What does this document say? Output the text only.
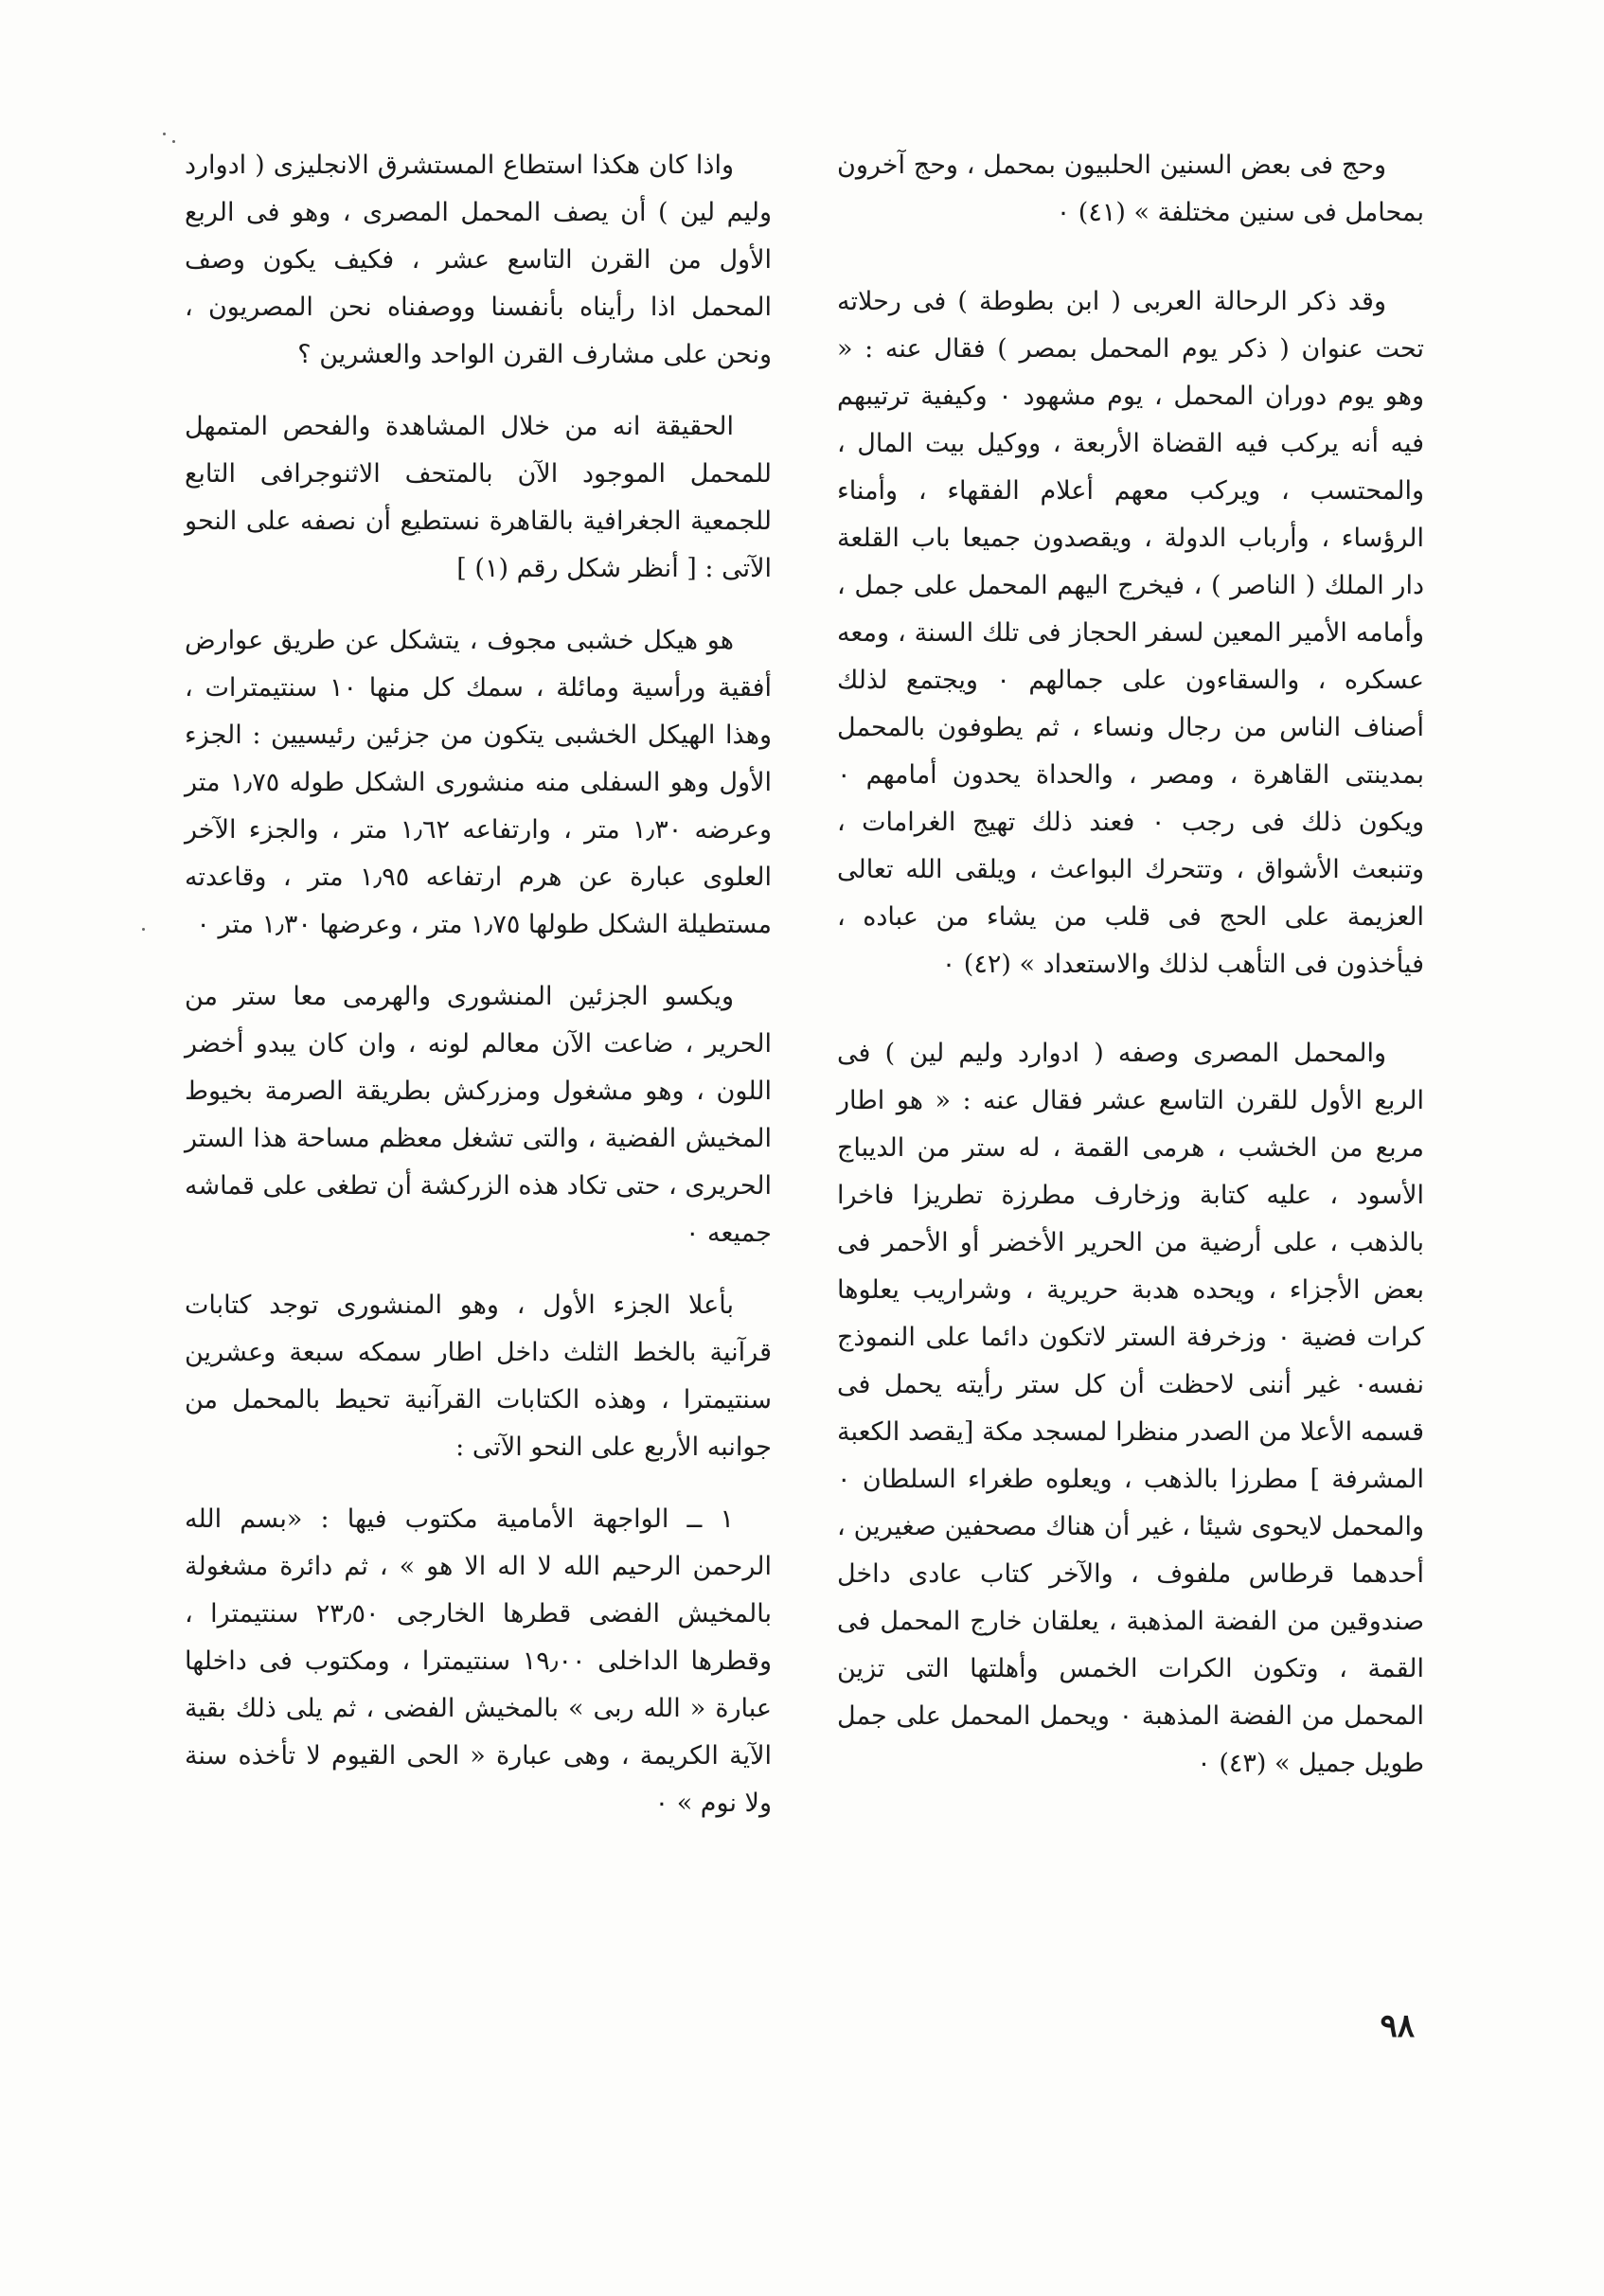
وحج فى بعض السنين الحلبيون بمحمل ، وحج آخرون بمحامل فى سنين مختلفة » (٤١) ٠

وقد ذكر الرحالة العربى ( ابن بطوطة ) فى رحلاته تحت عنوان ( ذكر يوم المحمل بمصر ) فقال عنه : « وهو يوم دوران المحمل ، يوم مشهود ٠ وكيفية ترتيبهم فيه أنه يركب فيه القضاة الأربعة ، ووكيل بيت المال ، والمحتسب ، ويركب معهم أعلام الفقهاء ، وأمناء الرؤساء ، وأرباب الدولة ، ويقصدون جميعا باب القلعة دار الملك ( الناصر ) ، فيخرج اليهم المحمل على جمل ، وأمامه الأمير المعين لسفر الحجاز فى تلك السنة ، ومعه عسكره ، والسقاءون على جمالهم ٠ ويجتمع لذلك أصناف الناس من رجال ونساء ، ثم يطوفون بالمحمل بمدينتى القاهرة ، ومصر ، والحداة يحدون أمامهم ٠ ويكون ذلك فى رجب ٠ فعند ذلك تهيج الغرامات ، وتنبعث الأشواق ، وتتحرك البواعث ، ويلقى الله تعالى العزيمة على الحج فى قلب من يشاء من عباده ، فيأخذون فى التأهب لذلك والاستعداد » (٤٢) ٠

والمحمل المصرى وصفه ( ادوارد وليم لين ) فى الربع الأول للقرن التاسع عشر فقال عنه : « هو اطار مربع من الخشب ، هرمى القمة ، له ستر من الديباج الأسود ، عليه كتابة وزخارف مطرزة تطريزا فاخرا بالذهب ، على أرضية من الحرير الأخضر أو الأحمر فى بعض الأجزاء ، ويحده هدبة حريرية ، وشراريب يعلوها كرات فضية ٠ وزخرفة الستر لاتكون دائما على النموذج نفسه٠ غير أننى لاحظت أن كل ستر رأيته يحمل فى قسمه الأعلا من الصدر منظرا لمسجد مكة [يقصد الكعبة المشرفة ] مطرزا بالذهب ، ويعلوه طغراء السلطان ٠ والمحمل لايحوى شيئا ، غير أن هناك مصحفين صغيرين ، أحدهما قرطاس ملفوف ، والآخر كتاب عادى داخل صندوقين من الفضة المذهبة ، يعلقان خارج المحمل فى القمة ، وتكون الكرات الخمس وأهلتها التى تزين المحمل من الفضة المذهبة ٠ ويحمل المحمل على جمل طويل جميل » (٤٣) ٠

واذا كان هكذا استطاع المستشرق الانجليزى ( ادوارد وليم لين ) أن يصف المحمل المصرى ، وهو فى الربع الأول من القرن التاسع عشر ، فكيف يكون وصف المحمل اذا رأيناه بأنفسنا ووصفناه نحن المصريون ، ونحن على مشارف القرن الواحد والعشرين ؟

الحقيقة انه من خلال المشاهدة والفحص المتمهل للمحمل الموجود الآن بالمتحف الاثنوجرافى التابع للجمعية الجغرافية بالقاهرة نستطيع أن نصفه على النحو الآتى : [ أنظر شكل رقم (١) ]

هو هيكل خشبى مجوف ، يتشكل عن طريق عوارض أفقية ورأسية ومائلة ، سمك كل منها ١٠ سنتيمترات ، وهذا الهيكل الخشبى يتكون من جزئين رئيسيين : الجزء الأول وهو السفلى منه منشورى الشكل طوله ١٫٧٥ متر وعرضه ١٫٣٠ متر ، وارتفاعه ١٫٦٢ متر ، والجزء الآخر العلوى عبارة عن هرم ارتفاعه ١٫٩٥ متر ، وقاعدته مستطيلة الشكل طولها ١٫٧٥ متر ، وعرضها ١٫٣٠ متر ٠

ويكسو الجزئين المنشورى والهرمى معا ستر من الحرير ، ضاعت الآن معالم لونه ، وان كان يبدو أخضر اللون ، وهو مشغول ومزركش بطريقة الصرمة بخيوط المخيش الفضية ، والتى تشغل معظم مساحة هذا الستر الحريرى ، حتى تكاد هذه الزركشة أن تطغى على قماشه جميعه ٠

بأعلا الجزء الأول ، وهو المنشورى توجد كتابات قرآنية بالخط الثلث داخل اطار سمكه سبعة وعشرين سنتيمترا ، وهذه الكتابات القرآنية تحيط بالمحمل من جوانبه الأربع على النحو الآتى :

١ ــ الواجهة الأمامية مكتوب فيها : «بسم الله الرحمن الرحيم الله لا اله الا هو » ، ثم دائرة مشغولة بالمخيش الفضى قطرها الخارجى ٢٣٫٥٠ سنتيمترا ، وقطرها الداخلى ١٩٫٠٠ سنتيمترا ، ومكتوب فى داخلها عبارة « الله ربى » بالمخيش الفضى ، ثم يلى ذلك بقية الآية الكريمة ، وهى عبارة « الحى القيوم لا تأخذه سنة ولا نوم » ٠

٩٨
